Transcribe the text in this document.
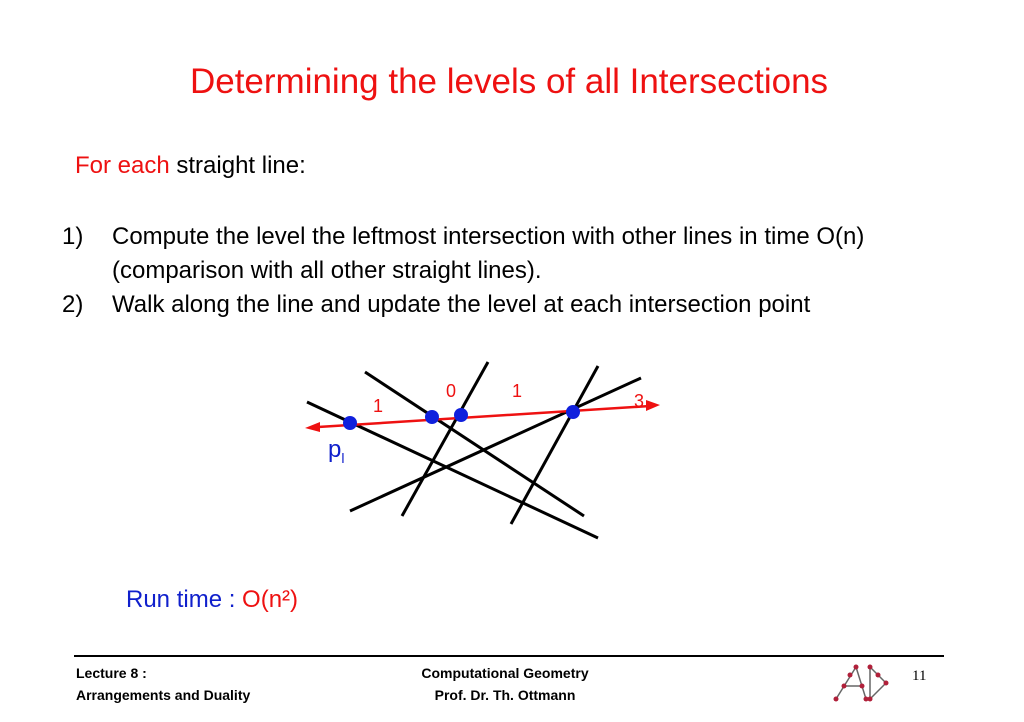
Determining the levels of all Intersections
For each straight line:
1)	Compute the level the leftmost intersection with other lines in time O(n) (comparison with all other straight lines).
2)	Walk along the line and update the level at each intersection point
1
0	1	3
$p_l$
Run time : O(n²)
Lecture 8 :
Arrangements and Duality
Computational Geometry
Prof. Dr. Th. Ottmann
11
